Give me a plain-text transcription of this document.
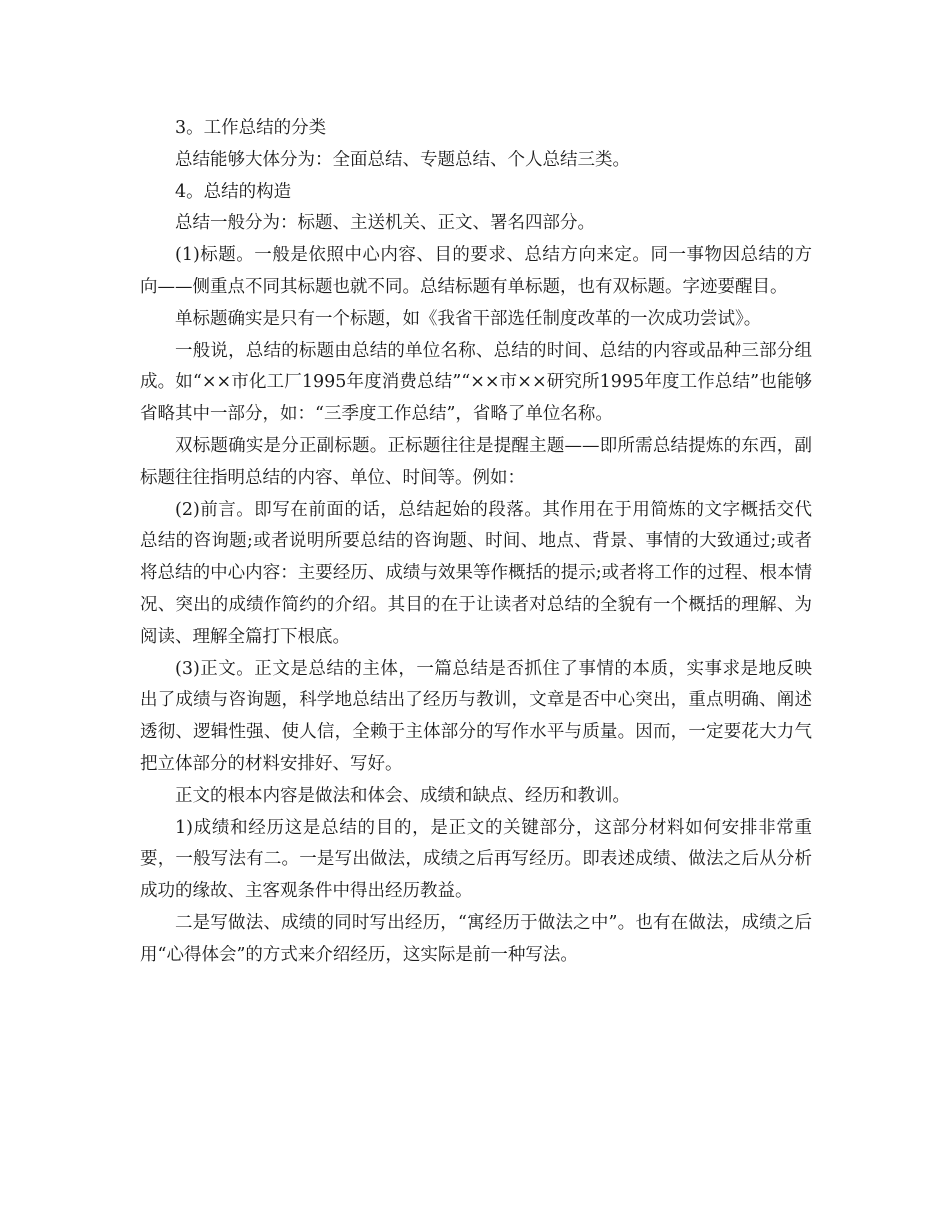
3。工作总结的分类

总结能够大体分为：全面总结、专题总结、个人总结三类。

4。总结的构造

总结一般分为：标题、主送机关、正文、署名四部分。

(1)标题。一般是依照中心内容、目的要求、总结方向来定。同一事物因总结的方向——侧重点不同其标题也就不同。总结标题有单标题，也有双标题。字迹要醒目。

单标题确实是只有一个标题，如《我省干部选任制度改革的一次成功尝试》。

一般说，总结的标题由总结的单位名称、总结的时间、总结的内容或品种三部分组成。如“××市化工厂1995年度消费总结”“××市××研究所1995年度工作总结”也能够省略其中一部分，如：“三季度工作总结”，省略了单位名称。

双标题确实是分正副标题。正标题往往是提醒主题——即所需总结提炼的东西，副标题往往指明总结的内容、单位、时间等。例如：

(2)前言。即写在前面的话，总结起始的段落。其作用在于用简炼的文字概括交代总结的咨询题;或者说明所要总结的咨询题、时间、地点、背景、事情的大致通过;或者将总结的中心内容：主要经历、成绩与效果等作概括的提示;或者将工作的过程、根本情况、突出的成绩作简约的介绍。其目的在于让读者对总结的全貌有一个概括的理解、为阅读、理解全篇打下根底。

(3)正文。正文是总结的主体，一篇总结是否抓住了事情的本质，实事求是地反映出了成绩与咨询题，科学地总结出了经历与教训，文章是否中心突出，重点明确、阐述透彻、逻辑性强、使人信，全赖于主体部分的写作水平与质量。因而，一定要花大力气把立体部分的材料安排好、写好。

正文的根本内容是做法和体会、成绩和缺点、经历和教训。

1)成绩和经历这是总结的目的，是正文的关键部分，这部分材料如何安排非常重要，一般写法有二。一是写出做法，成绩之后再写经历。即表述成绩、做法之后从分析成功的缘故、主客观条件中得出经历教益。

二是写做法、成绩的同时写出经历，“寓经历于做法之中”。也有在做法，成绩之后用“心得体会”的方式来介绍经历，这实际是前一种写法。
